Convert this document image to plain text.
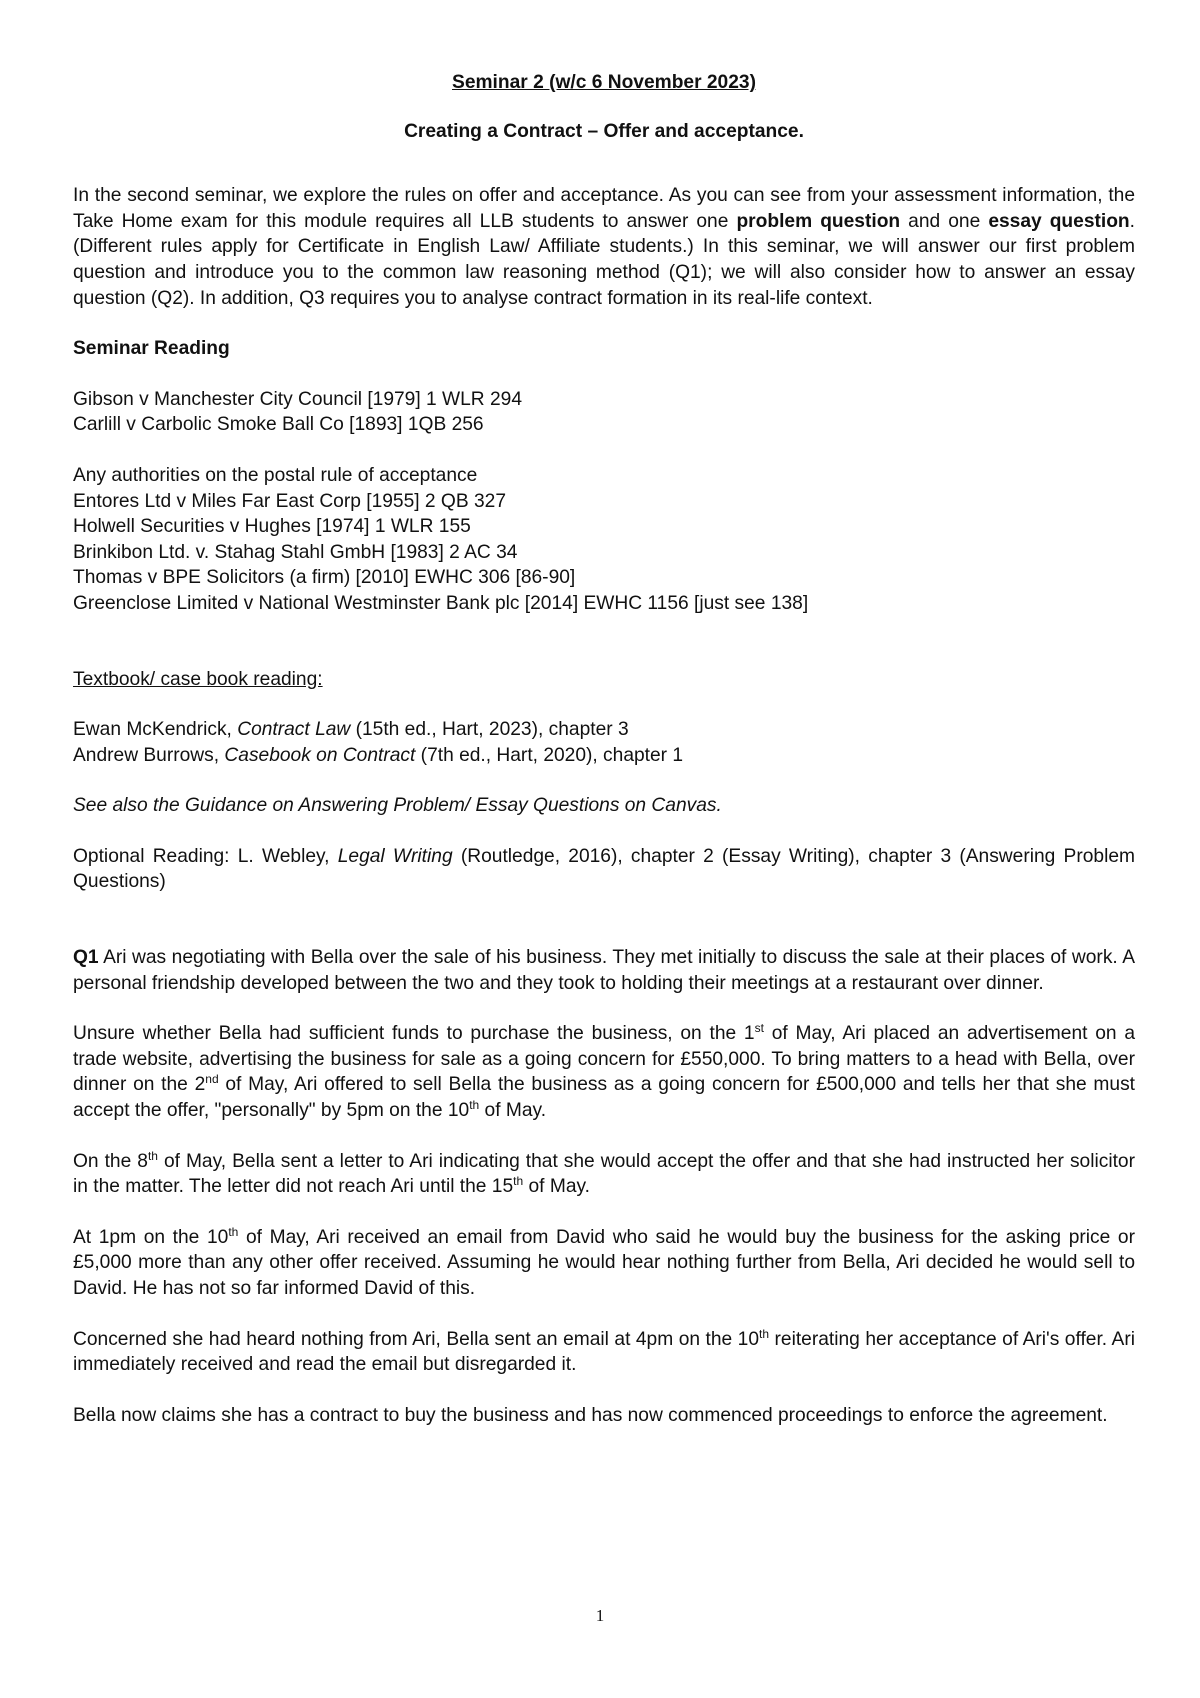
Seminar 2 (w/c 6 November 2023)

Creating a Contract – Offer and acceptance.

In the second seminar, we explore the rules on offer and acceptance. As you can see from your assessment information, the Take Home exam for this module requires all LLB students to answer one problem question and one essay question. (Different rules apply for Certificate in English Law/ Affiliate students.) In this seminar, we will answer our first problem question and introduce you to the common law reasoning method (Q1); we will also consider how to answer an essay question (Q2). In addition, Q3 requires you to analyse contract formation in its real-life context.

Seminar Reading

Gibson v Manchester City Council [1979] 1 WLR 294
Carlill v Carbolic Smoke Ball Co [1893] 1QB 256
Any authorities on the postal rule of acceptance
Entores Ltd v Miles Far East Corp [1955] 2 QB 327
Holwell Securities v Hughes [1974] 1 WLR 155
Brinkibon Ltd. v. Stahag Stahl GmbH [1983] 2 AC 34
Thomas v BPE Solicitors (a firm) [2010] EWHC 306 [86-90]
Greenclose Limited v National Westminster Bank plc [2014] EWHC 1156 [just see 138]

Textbook/ case book reading:

Ewan McKendrick, Contract Law (15th ed., Hart, 2023), chapter 3
Andrew Burrows, Casebook on Contract (7th ed., Hart, 2020), chapter 1

See also the Guidance on Answering Problem/ Essay Questions on Canvas.

Optional Reading: L. Webley, Legal Writing (Routledge, 2016), chapter 2 (Essay Writing), chapter 3 (Answering Problem Questions)

Q1 Ari was negotiating with Bella over the sale of his business. They met initially to discuss the sale at their places of work. A personal friendship developed between the two and they took to holding their meetings at a restaurant over dinner.

Unsure whether Bella had sufficient funds to purchase the business, on the 1st of May, Ari placed an advertisement on a trade website, advertising the business for sale as a going concern for £550,000. To bring matters to a head with Bella, over dinner on the 2nd of May, Ari offered to sell Bella the business as a going concern for £500,000 and tells her that she must accept the offer, "personally" by 5pm on the 10th of May.

On the 8th of May, Bella sent a letter to Ari indicating that she would accept the offer and that she had instructed her solicitor in the matter. The letter did not reach Ari until the 15th of May.

At 1pm on the 10th of May, Ari received an email from David who said he would buy the business for the asking price or £5,000 more than any other offer received. Assuming he would hear nothing further from Bella, Ari decided he would sell to David. He has not so far informed David of this.

Concerned she had heard nothing from Ari, Bella sent an email at 4pm on the 10th reiterating her acceptance of Ari's offer. Ari immediately received and read the email but disregarded it.

Bella now claims she has a contract to buy the business and has now commenced proceedings to enforce the agreement.

1
